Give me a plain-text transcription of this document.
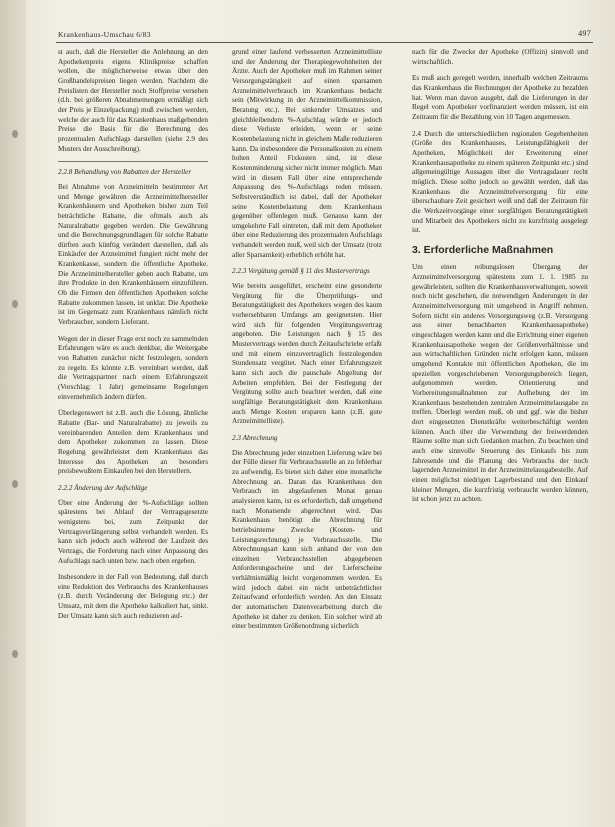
Krankenhaus-Umschau 6/83	497

st auch, daß die Hersteller die Anlehnung an den Apothekenpreis eigens Klinikpreise schaffen wollen, die möglicherweise etwas über den Großhandelspreisen liegen werden. Nachdem die Preislisten der Hersteller noch Stoffpreise versehen (d.h. bei größeren Abnahmemengen ermäßigt sich der Preis je Einzelpackung) muß zwischen werden, welche der auch für das Krankenhaus maßgebenden Preise die Basis für die Berechnung des prozentualen Aufschlags darstellen (siehe 2.9 des Musters der Ausschreibung).

2.2.8 Behandlung von Rabatten der Hersteller

Bei Abnahme von Arzneimitteln bestimmter Art und Menge gewähren die Arzneimittelhersteller Krankenhäusern und Apotheken bisher zum Teil beträchtliche Rabatte, die oftmals auch als Naturalrabatte gegeben werden. Die Gewährung und die Berechnungsgrundlagen für solche Rabatte dürften auch künftig verändert darstellen, daß als Einkäufer der Arzneimittel fungiert nicht mehr der Krankenkasse, sondern die öffentliche Apotheke. Die Arzneimittelhersteller geben auch Rabatte, um ihre Produkte in den Krankenhäusern einzuführen. Ob die Firmen den öffentlichen Apotheken solche Rabatte zukommen lassen, ist unklar. Die Apotheke ist im Gegensatz zum Krankenhaus nämlich nicht Verbraucher, sondern Lieferant.

Wegen der in dieser Frage erst noch zu sammelnden Erfahrungen wäre es auch denkbar, die Weitergabe von Rabatten zunächst nicht festzulegen, sondern zu regeln. Es könnte z.B. vereinbart werden, daß die Vertragspartner nach einem Erfahrungszeit (Vorschlag: 1 Jahr) gemeinsame Regelungen einvernehmlich ändern dürfen.

Überlegenswert ist z.B. auch die Lösung, ähnliche Rabatte (Bar- und Naturalrabatte) zu jeweils zu vereinbarenden Anteilen dem Krankenhaus und dem Apotheker zukommen zu lassen. Diese Regelung gewährleistet dem Krankenhaus das Interesse des Apotheken an besonders preisbewußtem Einkaufen bei den Herstellern.

2.2.2 Änderung der Aufschläge

Über eine Änderung der %-Aufschläge sollten spätestens bei Ablauf der Vertragsgesetzte wenigstens bei, zum Zeitpunkt der Vertragsverlängerung selbst verhandelt werden. Es kann sich jedoch auch während der Laufzeit des Vertrags, die Forderung nach einer Anpassung des Aufschlags nach unten bzw. nach oben ergeben.

Insbesondere in der Fall von Bedeutung, daß durch eine Reduktion des Verbrauchs des Krankenhauses (z.B. durch Veränderung der Belegung etc.) der Umsatz, mit dem die Apotheke kalkuliert hat, sinkt. Der Umsatz kann sich auch reduzieren auf-

grund einer laufend verbesserten Arzneimittelliste und der Änderung der Therapiegewohnheiten der Ärzte. Auch der Apotheker muß im Rahmen seiner Versorgungstätigkeit auf einen sparsamen Arzneimittelverbrauch im Krankenhaus bedacht sein (Mitwirkung in der Arzneimittelkommission, Beratung etc.). Bei sinkender Umsatzes und gleichbleibendem %-Aufschlag würde er jedoch diese Verluste erleiden, wenn er seine Kostenbelastung nicht in gleichem Maße reduzieren kann. Da insbesondere die Personalkosten zu einem hohen Anteil Fixkosten sind, ist diese Kostenminderung sicher nicht immer möglich. Man wird in diesem Fall über eine entsprechende Anpassung des %-Aufschlags reden müssen. Selbstverständlich ist dabei, daß der Apotheker seine Kostenbelastung dem Krankenhaus gegenüber offenlegen muß. Genauso kann der umgekehrte Fall eintreten, daß mit dem Apotheker über eine Reduzierung des prozentualen Aufschlags verhandelt werden muß, weil sich der Umsatz (trotz aller Sparsamkeit) erheblich erhöht hat.

2.2.3 Vergütung gemäß § 11 des Mustervertrags

Wie bereits ausgeführt, erscheint eine gesonderte Vergütung für die Überprüfungs- und Beratungstätigkeit des Apothekers wegen des kaum vorhersehbaren Umfangs am geeignetsten. Hier wird sich für folgenden Vergütungsvertrag angeboten. Die Leistungen nach § 15 des Mustervertrags werden durch Zeitaufschriebe erfaßt und mit einem einzuvertraglich festzulegenden Stundensatz vergütet. Nach einer Erfahrungszeit kann sich auch die pauschale Abgeltung der Arbeiten empfehlen. Bei der Festlegung der Vergütung sollte auch beachtet werden, daß eine sorgfältige Beratungstätigkeit dem Krankenhaus auch Menge Kosten ersparen kann (z.B. gute Arzneimittelliste).

2.3 Abrechnung

Die Abrechnung jeder einzelnen Lieferung wäre bei der Fülle dieser für Verbrauchsstelle an zu fehlerbar zu aufwendig. Es bietet sich daher eine monatliche Abrechnung an. Daran das Krankenhaus den Verbrauch im abgelaufenen Monat genau analysieren kann, ist es erforderlich, daß umgehend nach Monatsende abgerechnet wird. Das Krankenhaus benötigt die Abrechnung für betriebsinterne Zwecke (Kosten- und Leistungsrechnung) je Verbrauchsstelle. Die Abrechnungsart kann sich anhand der von den einzelnen Verbrauchsstellen abgegebenen Anforderungsscheine und der Lieferscheine verhältnismäßig leicht vorgenommen werden. Es wird jedoch dabei ein nicht unbeträchtlicher Zeitaufwand erforderlich werden. An den Einsatz der automatischen Datenverarbeitung durch die Apotheke ist daher zu denken. Ein solcher wird ab einer bestimmten Größenordnung sicherlich

nach für die Zwecke der Apotheke (Offizin) sinnvoll und wirtschaftlich.

Es muß auch geregelt werden, innerhalb welchen Zeitraums das Krankenhaus die Rechnungen der Apotheke zu bezahlen hat. Wenn man davon ausgeht, daß die Lieferungen in der Regel vom Apotheker vorfinanziert werden müssen, ist ein Zeitraum für die Bezahlung von 10 Tagen angemessen.

2.4 Durch die unterschiedlichen regionalen Gegebenheiten (Größe des Krankenhauses, Leistungsfähigkeit der Apotheken, Möglichkeit der Erweiterung einer Krankenhausapotheke zu einem späteren Zeitpunkt etc.) sind allgemeingültige Aussagen über die Vertragsdauer recht möglich. Diese sollte jedoch so gewählt werden, daß das Krankenhaus die Arzneimittelversorgung für eine überschaubare Zeit gesichert weiß und daß der Zeitraum für die Werkzeitvorgänge einer sorgfältigen Beratungstätigkeit und Mitarbeit des Apothekers nicht zu kurzfristig ausgelegt ist.

3. Erforderliche Maßnahmen

Um einen reibungslosen Übergang der Arzneimittelversorgung spätestens zum 1. 1. 1985 zu gewährleisten, sollten die Krankenhausverwaltungen, soweit noch nicht geschehen, die notwendigen Änderungen in der Arzneimittelversorgung mit umgehend in Angriff nehmen. Sofern nicht ein anderes Versorgungsweg (z.B. Versorgung aus einer benachbarten Krankenhausapotheke) eingeschlagen werden kann und die Errichtung einer eigenen Krankenhausapotheke wegen der Größenverhältnisse und aus wirtschaftlichen Gründen nicht erfolgen kann, müssen umgehend Kontakte mit öffentlichen Apotheken, die im speziellen vorgeschriebenen Versorgungsbereich liegen, aufgenommen werden. Orientierung und Vorbereitungsmaßnahmen zur Aufhebung der im Krankenhaus bestehenden zentralen Arzneimittelausgabe zu treffen. Überlegt werden muß, ob und ggf. wie die bisher dort eingesetzten Dienstkräfte weiterbeschäftigt werden können. Auch über die Verwendung der freiwerdenden Räume sollte man sich Gedanken machen. Zu beachten sind auch eine sinnvolle Steuerung des Einkaufs bis zum Jahresende und die Planung des Verbrauchs der noch lagernden Arzneimittel in der Arzneimittelausgabestelle. Auf einen möglichst niedrigen Lagerbestand und den Einkauf kleiner Mengen, die kurzfristig verbraucht werden können, ist schon jetzt zu achten.
